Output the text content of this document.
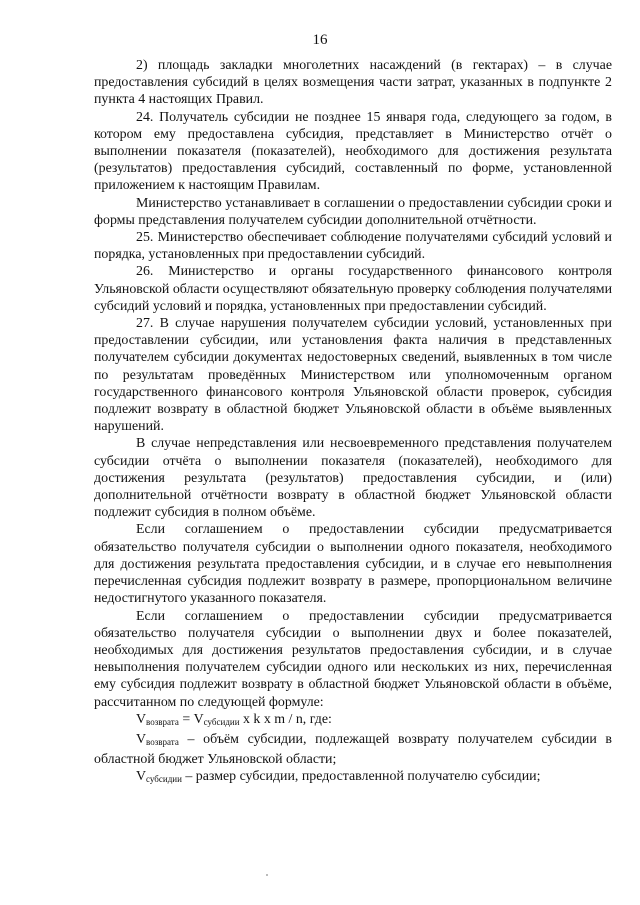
16

2) площадь закладки многолетних насаждений (в гектарах) – в случае предоставления субсидий в целях возмещения части затрат, указанных в подпункте 2 пункта 4 настоящих Правил.

24. Получатель субсидии не позднее 15 января года, следующего за годом, в котором ему предоставлена субсидия, представляет в Министерство отчёт о выполнении показателя (показателей), необходимого для достижения результата (результатов) предоставления субсидий, составленный по форме, установленной приложением к настоящим Правилам.

Министерство устанавливает в соглашении о предоставлении субсидии сроки и формы представления получателем субсидии дополнительной отчётности.

25. Министерство обеспечивает соблюдение получателями субсидий условий и порядка, установленных при предоставлении субсидий.

26. Министерство и органы государственного финансового контроля Ульяновской области осуществляют обязательную проверку соблюдения получателями субсидий условий и порядка, установленных при предоставлении субсидий.

27. В случае нарушения получателем субсидии условий, установленных при предоставлении субсидии, или установления факта наличия в представленных получателем субсидии документах недостоверных сведений, выявленных в том числе по результатам проведённых Министерством или уполномоченным органом государственного финансового контроля Ульяновской области проверок, субсидия подлежит возврату в областной бюджет Ульяновской области в объёме выявленных нарушений.

В случае непредставления или несвоевременного представления получателем субсидии отчёта о выполнении показателя (показателей), необходимого для достижения результата (результатов) предоставления субсидии, и (или) дополнительной отчётности возврату в областной бюджет Ульяновской области подлежит субсидия в полном объёме.

Если соглашением о предоставлении субсидии предусматривается обязательство получателя субсидии о выполнении одного показателя, необходимого для достижения результата предоставления субсидии, и в случае его невыполнения перечисленная субсидия подлежит возврату в размере, пропорциональном величине недостигнутого указанного показателя.

Если соглашением о предоставлении субсидии предусматривается обязательство получателя субсидии о выполнении двух и более показателей, необходимых для достижения результатов предоставления субсидии, и в случае невыполнения получателем субсидии одного или нескольких из них, перечисленная ему субсидия подлежит возврату в областной бюджет Ульяновской области в объёме, рассчитанном по следующей формуле:

$V_{возврата} = V_{субсидии}$ x k x m / n, где:

$V_{возврата}$ – объём субсидии, подлежащей возврату получателем субсидии в областной бюджет Ульяновской области;

$V_{субсидии}$ – размер субсидии, предоставленной получателю субсидии;
